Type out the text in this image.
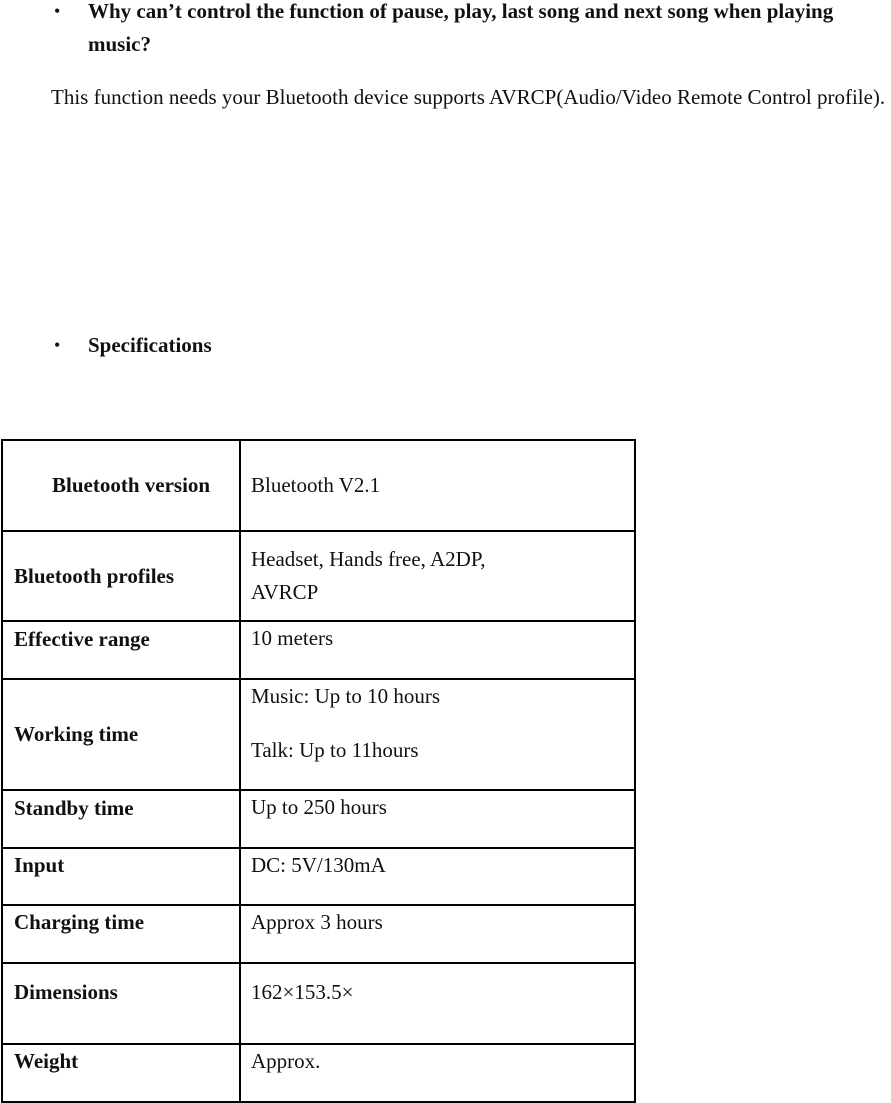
• Why can’t control the function of pause, play, last song and next song when playing music?

This function needs your Bluetooth device supports AVRCP(Audio/Video Remote Control profile).

• Specifications
Bluetooth version	Bluetooth V2.1

Bluetooth profiles	Headset, Hands free, A2DP, AVRCP

Effective range	10 meters

Working time	Music: Up to 10 hours
Talk: Up to 11hours

Standby time	Up to 250 hours

Input	DC: 5V/130mA

Charging time	Approx 3 hours

Dimensions	162×153.5×

Weight	Approx.
